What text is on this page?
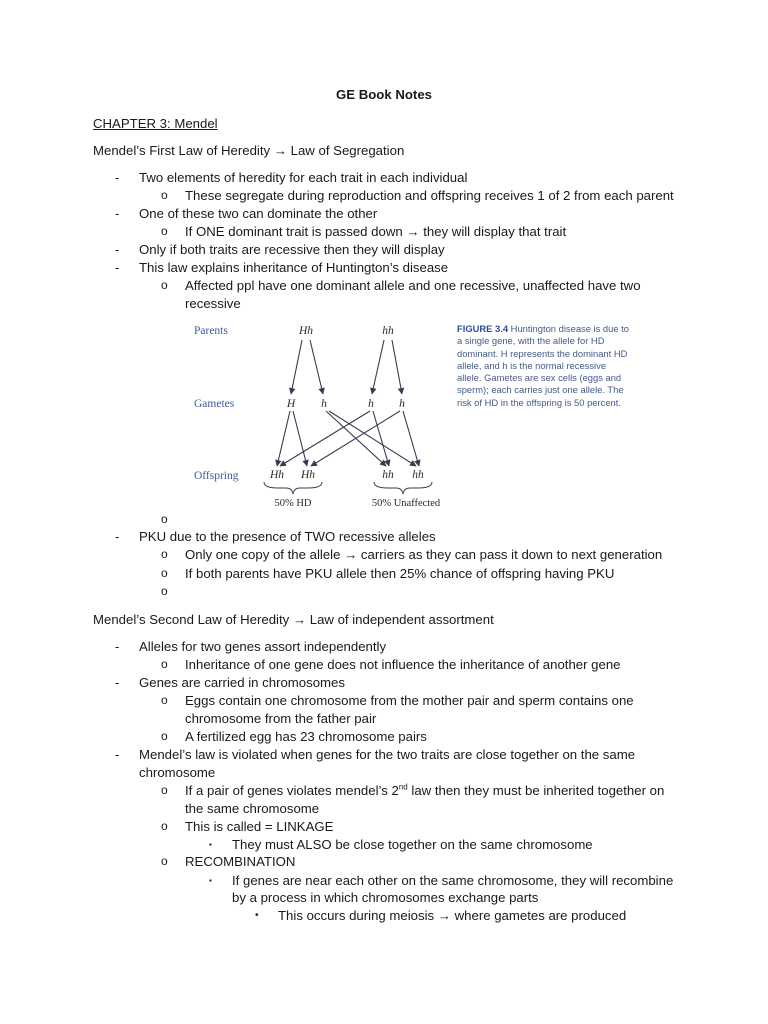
GE Book Notes
CHAPTER 3: Mendel
Mendel’s First Law of Heredity → Law of Segregation
- Two elements of heredity for each trait in each individual
o These segregate during reproduction and offspring receives 1 of 2 from each parent
- One of these two can dominate the other
o If ONE dominant trait is passed down → they will display that trait
- Only if both traits are recessive then they will display
- This law explains inheritance of Huntington’s disease
o Affected ppl have one dominant allele and one recessive, unaffected have two
recessive
Parents
Gametes
Offspring
Hh	hh
H h	h h
Hh Hh	hh hh
50% HD	50% Unaffected
FIGURE 3.4 Huntington disease is due to a single gene, with the allele for HD dominant. H represents the dominant HD allele, and h is the normal recessive allele. Gametes are sex cells (eggs and sperm); each carries just one allele. The risk of HD in the offspring is 50 percent.
o
- PKU due to the presence of TWO recessive alleles
o Only one copy of the allele → carriers as they can pass it down to next generation
o If both parents have PKU allele then 25% chance of offspring having PKU
o
Mendel’s Second Law of Heredity → Law of independent assortment
- Alleles for two genes assort independently
o Inheritance of one gene does not influence the inheritance of another gene
- Genes are carried in chromosomes
o Eggs contain one chromosome from the mother pair and sperm contains one
chromosome from the father pair
o A fertilized egg has 23 chromosome pairs
- Mendel’s law is violated when genes for the two traits are close together on the same
chromosome
o If a pair of genes violates mendel’s 2nd law then they must be inherited together on
the same chromosome
o This is called = LINKAGE
▪ They must ALSO be close together on the same chromosome
o RECOMBINATION
▪ If genes are near each other on the same chromosome, they will recombine
by a process in which chromosomes exchange parts
• This occurs during meiosis → where gametes are produced
